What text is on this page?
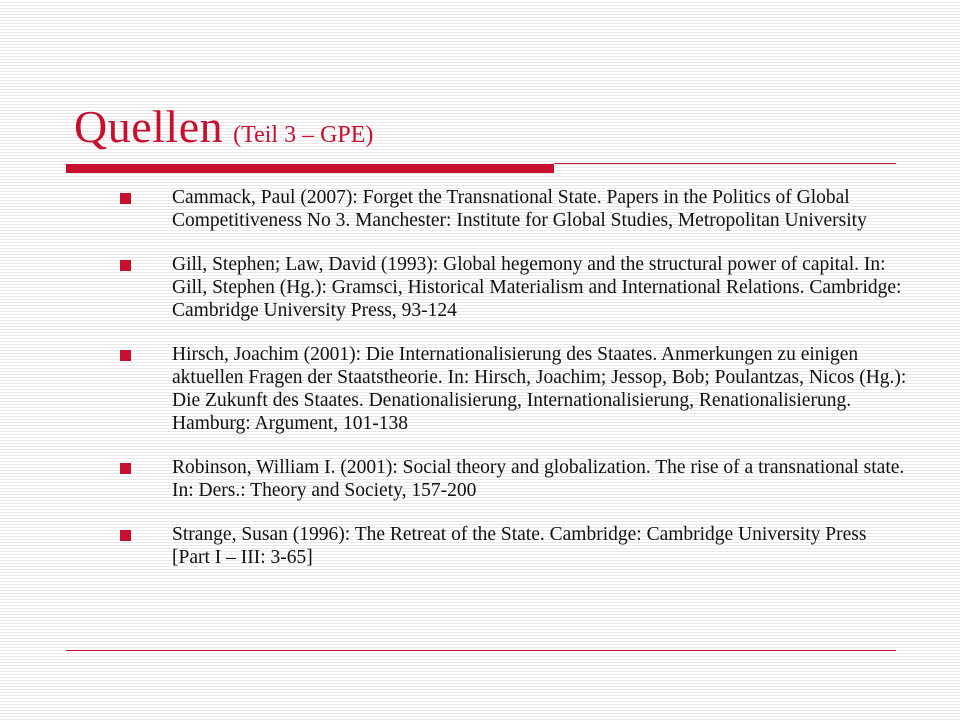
Quellen (Teil 3 – GPE)
Cammack, Paul (2007): Forget the Transnational State. Papers in the Politics of Global Competitiveness No 3. Manchester: Institute for Global Studies, Metropolitan University
Gill, Stephen; Law, David (1993): Global hegemony and the structural power of capital. In: Gill, Stephen (Hg.): Gramsci, Historical Materialism and International Relations. Cambridge: Cambridge University Press, 93-124
Hirsch, Joachim (2001): Die Internationalisierung des Staates. Anmerkungen zu einigen aktuellen Fragen der Staatstheorie. In: Hirsch, Joachim; Jessop, Bob; Poulantzas, Nicos (Hg.): Die Zukunft des Staates. Denationalisierung, Internationalisierung, Renationalisierung. Hamburg: Argument, 101-138
Robinson, William I. (2001): Social theory and globalization. The rise of a transnational state. In: Ders.: Theory and Society, 157-200
Strange, Susan (1996): The Retreat of the State. Cambridge: Cambridge University Press [Part I – III: 3-65]
